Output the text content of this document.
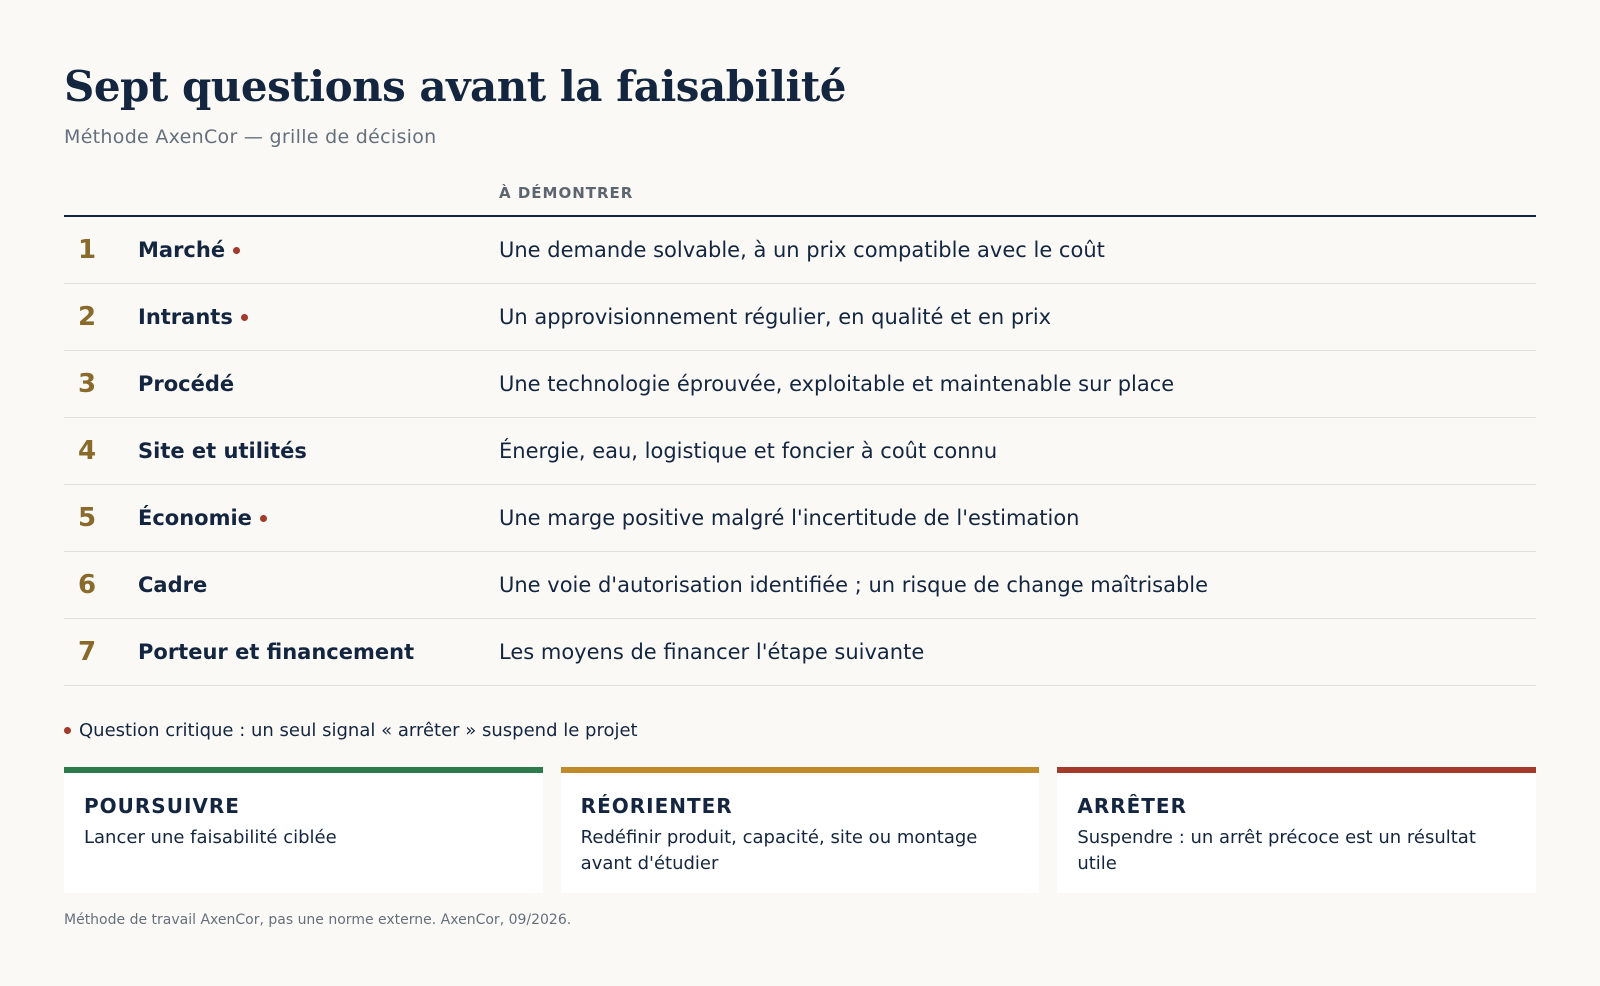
Sept questions avant la faisabilité
Méthode AxenCor — grille de décision
À DÉMONTRER
1	Marché	Une demande solvable, à un prix compatible avec le coût
2	Intrants	Un approvisionnement régulier, en qualité et en prix
3	Procédé	Une technologie éprouvée, exploitable et maintenable sur place
4	Site et utilités	Énergie, eau, logistique et foncier à coût connu
5	Économie	Une marge positive malgré l'incertitude de l'estimation
6	Cadre	Une voie d'autorisation identifiée ; un risque de change maîtrisable
7	Porteur et financement	Les moyens de financer l'étape suivante
Question critique : un seul signal « arrêter » suspend le projet
POURSUIVRE
Lancer une faisabilité ciblée
RÉORIENTER
Redéfinir produit, capacité, site ou montage avant d'étudier
ARRÊTER
Suspendre : un arrêt précoce est un résultat utile
Méthode de travail AxenCor, pas une norme externe. AxenCor, 09/2026.
